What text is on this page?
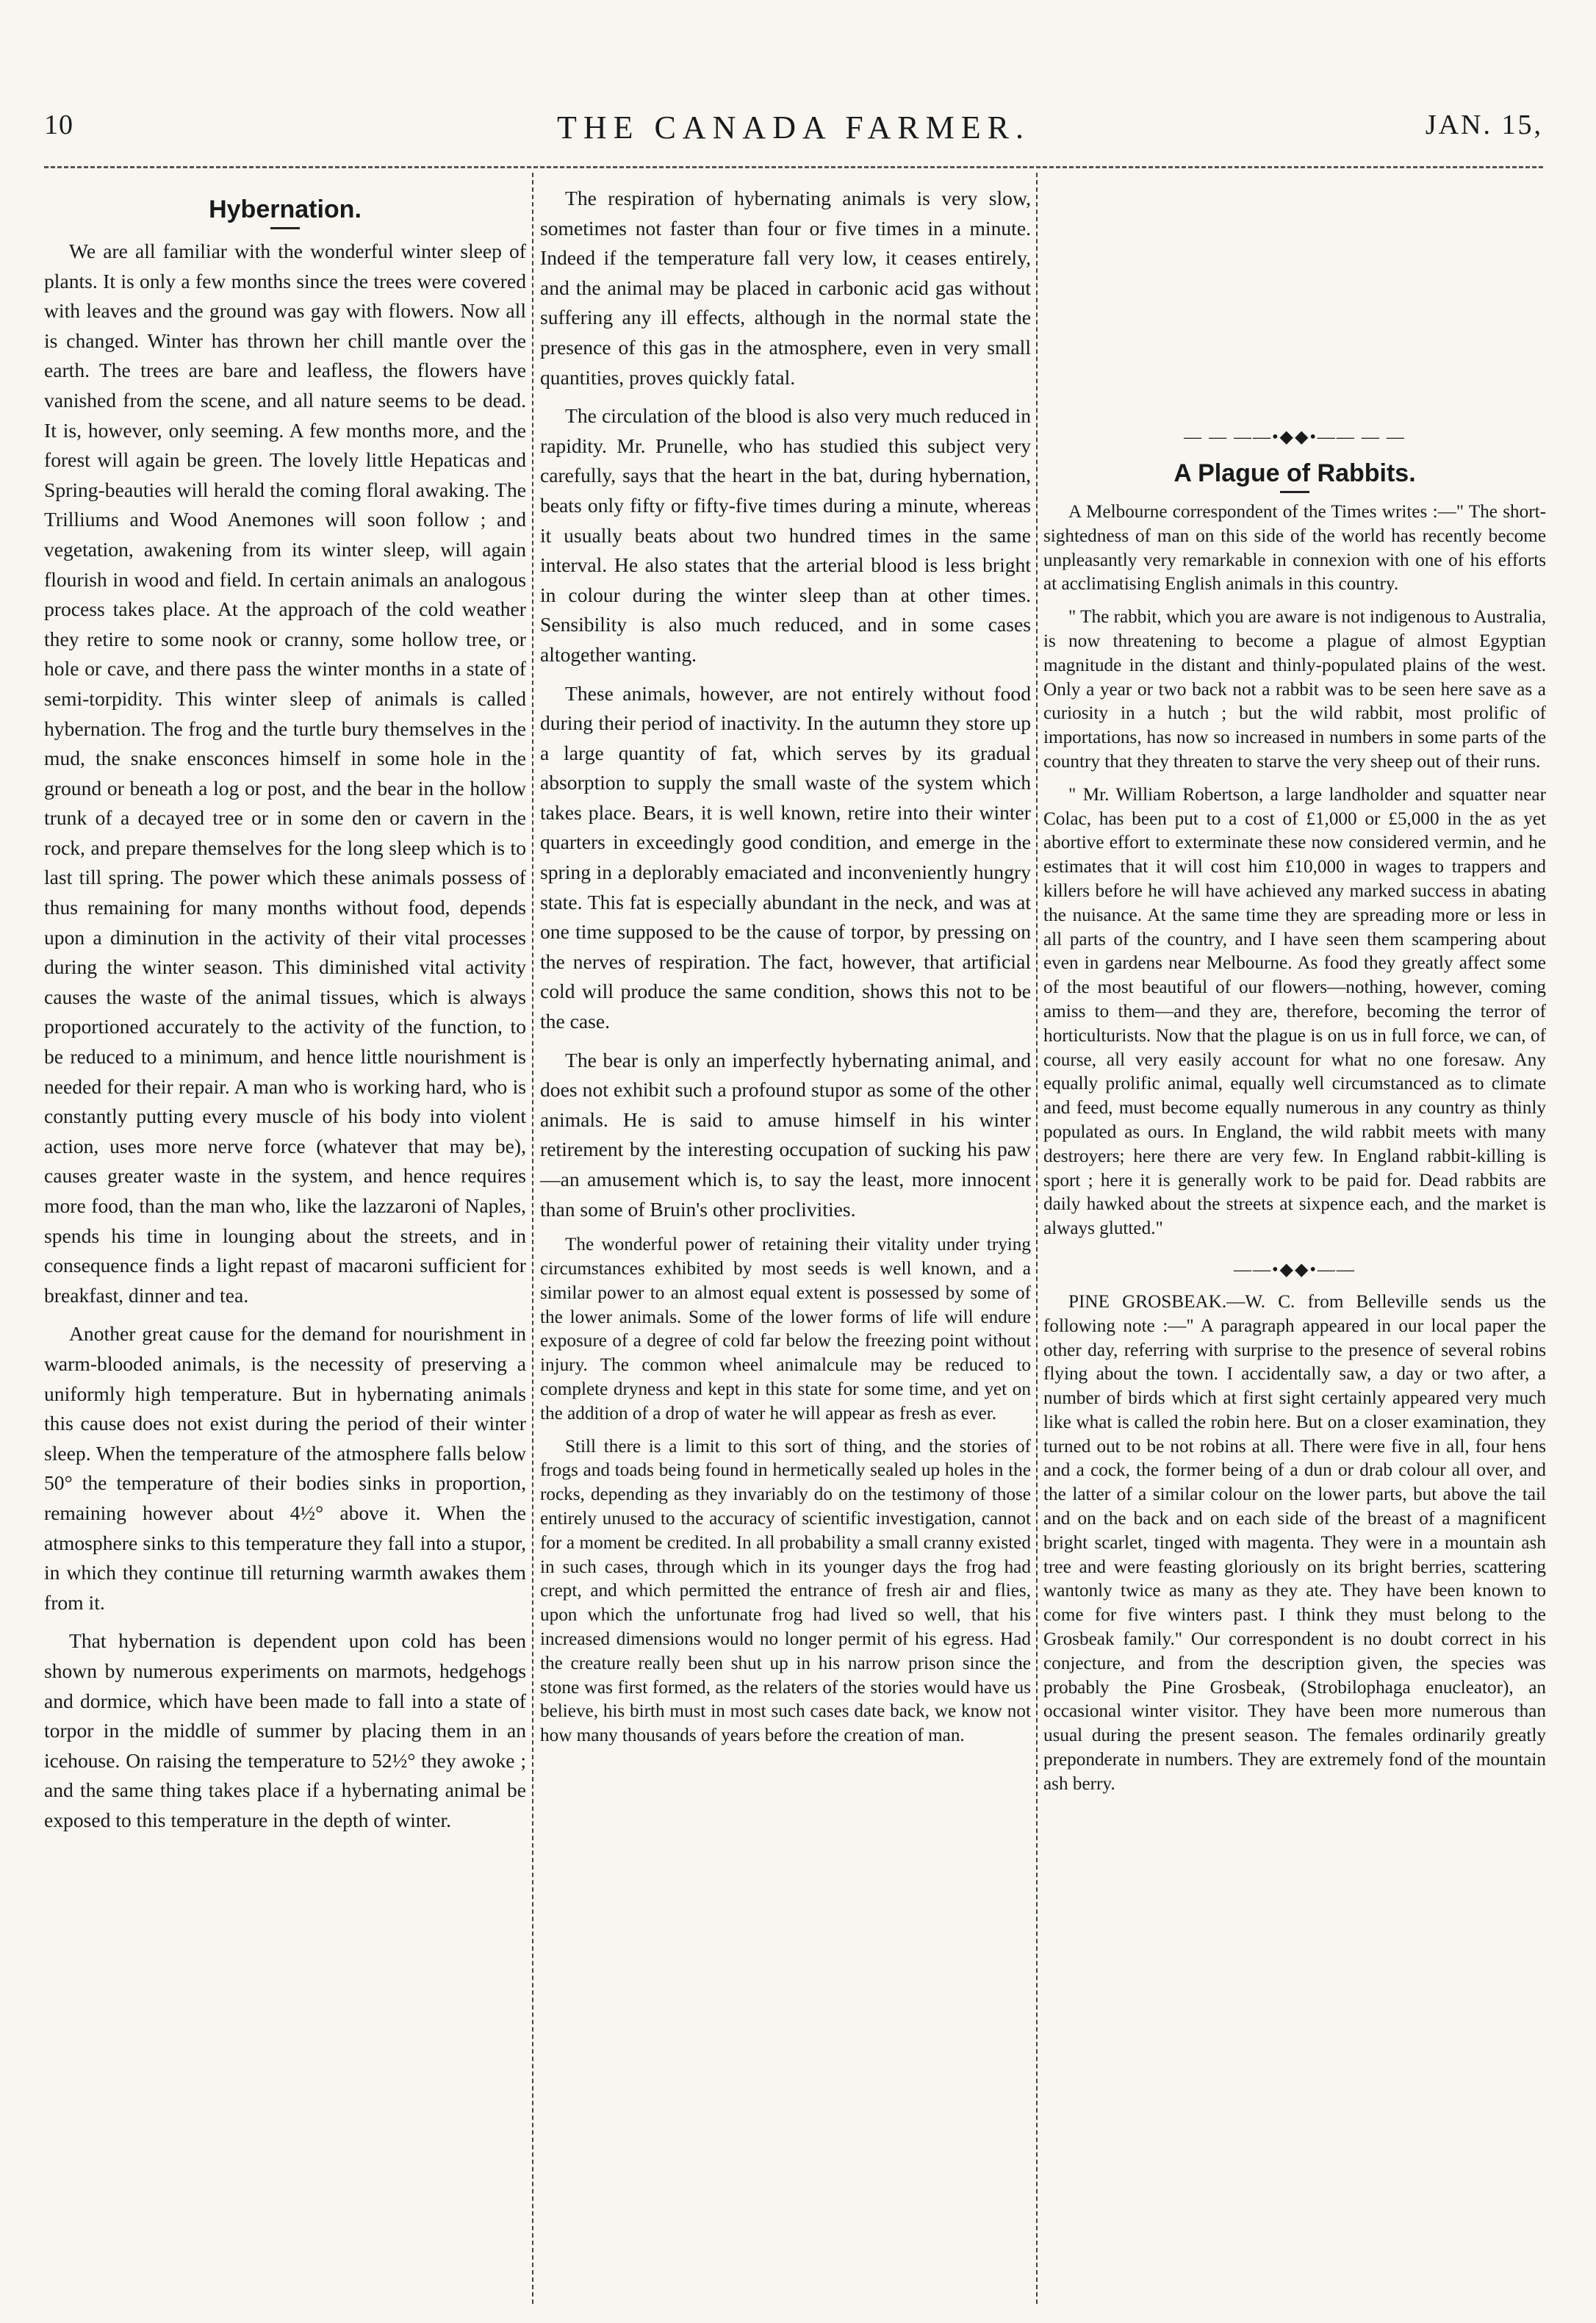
10	THE CANADA FARMER.	JAN. 15,
Hybernation.

We are all familiar with the wonderful winter sleep of plants. It is only a few months since the trees were covered with leaves and the ground was gay with flowers. Now all is changed. Winter has thrown her chill mantle over the earth. The trees are bare and leafless, the flowers have vanished from the scene, and all nature seems to be dead. It is, however, only seeming. A few months more, and the forest will again be green. The lovely little Hepaticas and Spring-beauties will herald the coming floral awaking. The Trilliums and Wood Anemones will soon follow ; and vegetation, awakening from its winter sleep, will again flourish in wood and field. In certain animals an analogous process takes place. At the approach of the cold weather they retire to some nook or cranny, some hollow tree, or hole or cave, and there pass the winter months in a state of semi-torpidity. This winter sleep of animals is called hybernation. The frog and the turtle bury themselves in the mud, the snake ensconces himself in some hole in the ground or beneath a log or post, and the bear in the hollow trunk of a decayed tree or in some den or cavern in the rock, and prepare themselves for the long sleep which is to last till spring. The power which these animals possess of thus remaining for many months without food, depends upon a diminution in the activity of their vital processes during the winter season. This diminished vital activity causes the waste of the animal tissues, which is always proportioned accurately to the activity of the function, to be reduced to a minimum, and hence little nourishment is needed for their repair. A man who is working hard, who is constantly putting every muscle of his body into violent action, uses more nerve force (whatever that may be), causes greater waste in the system, and hence requires more food, than the man who, like the lazzaroni of Naples, spends his time in lounging about the streets, and in consequence finds a light repast of macaroni sufficient for breakfast, dinner and tea.

Another great cause for the demand for nourishment in warm-blooded animals, is the necessity of preserving a uniformly high temperature. But in hybernating animals this cause does not exist during the period of their winter sleep. When the temperature of the atmosphere falls below 50° the temperature of their bodies sinks in proportion, remaining however about 4½° above it. When the atmosphere sinks to this temperature they fall into a stupor, in which they continue till returning warmth awakes them from it.

That hybernation is dependent upon cold has been shown by numerous experiments on marmots, hedgehogs and dormice, which have been made to fall into a state of torpor in the middle of summer by placing them in an icehouse. On raising the temperature to 52½° they awoke ; and the same thing takes place if a hybernating animal be exposed to this temperature in the depth of winter.

The respiration of hybernating animals is very slow, sometimes not faster than four or five times in a minute. Indeed if the temperature fall very low, it ceases entirely, and the animal may be placed in carbonic acid gas without suffering any ill effects, although in the normal state the presence of this gas in the atmosphere, even in very small quantities, proves quickly fatal.

The circulation of the blood is also very much reduced in rapidity. Mr. Prunelle, who has studied this subject very carefully, says that the heart in the bat, during hybernation, beats only fifty or fifty-five times during a minute, whereas it usually beats about two hundred times in the same interval. He also states that the arterial blood is less bright in colour during the winter sleep than at other times. Sensibility is also much reduced, and in some cases altogether wanting.

These animals, however, are not entirely without food during their period of inactivity. In the autumn they store up a large quantity of fat, which serves by its gradual absorption to supply the small waste of the system which takes place. Bears, it is well known, retire into their winter quarters in exceedingly good condition, and emerge in the spring in a deplorably emaciated and inconveniently hungry state. This fat is especially abundant in the neck, and was at one time supposed to be the cause of torpor, by pressing on the nerves of respiration. The fact, however, that artificial cold will produce the same condition, shows this not to be the case.

The bear is only an imperfectly hybernating animal, and does not exhibit such a profound stupor as some of the other animals. He is said to amuse himself in his winter retirement by the interesting occupation of sucking his paw—an amusement which is, to say the least, more innocent than some of Bruin's other proclivities.

The wonderful power of retaining their vitality under trying circumstances exhibited by most seeds is well known, and a similar power to an almost equal extent is possessed by some of the lower animals. Some of the lower forms of life will endure exposure of a degree of cold far below the freezing point without injury. The common wheel animalcule may be reduced to complete dryness and kept in this state for some time, and yet on the addition of a drop of water he will appear as fresh as ever.

Still there is a limit to this sort of thing, and the stories of frogs and toads being found in hermetically sealed up holes in the rocks, depending as they invariably do on the testimony of those entirely unused to the accuracy of scientific investigation, cannot for a moment be credited. In all probability a small cranny existed in such cases, through which in its younger days the frog had crept, and which permitted the entrance of fresh air and flies, upon which the unfortunate frog had lived so well, that his increased dimensions would no longer permit of his egress. Had the creature really been shut up in his narrow prison since the stone was first formed, as the relaters of the stories would have us believe, his birth must in most such cases date back, we know not how many thousands of years before the creation of man.

— — ——•◆◆•—— — —
A Plague of Rabbits.

A Melbourne correspondent of the Times writes :—" The short-sightedness of man on this side of the world has recently become unpleasantly very remarkable in connexion with one of his efforts at acclimatising English animals in this country.

" The rabbit, which you are aware is not indigenous to Australia, is now threatening to become a plague of almost Egyptian magnitude in the distant and thinly-populated plains of the west. Only a year or two back not a rabbit was to be seen here save as a curiosity in a hutch ; but the wild rabbit, most prolific of importations, has now so increased in numbers in some parts of the country that they threaten to starve the very sheep out of their runs.

" Mr. William Robertson, a large landholder and squatter near Colac, has been put to a cost of £1,000 or £5,000 in the as yet abortive effort to exterminate these now considered vermin, and he estimates that it will cost him £10,000 in wages to trappers and killers before he will have achieved any marked success in abating the nuisance. At the same time they are spreading more or less in all parts of the country, and I have seen them scampering about even in gardens near Melbourne. As food they greatly affect some of the most beautiful of our flowers—nothing, however, coming amiss to them—and they are, therefore, becoming the terror of horticulturists. Now that the plague is on us in full force, we can, of course, all very easily account for what no one foresaw. Any equally prolific animal, equally well circumstanced as to climate and feed, must become equally numerous in any country as thinly populated as ours. In England, the wild rabbit meets with many destroyers; here there are very few. In England rabbit-killing is sport ; here it is generally work to be paid for. Dead rabbits are daily hawked about the streets at sixpence each, and the market is always glutted."

——•◆◆•——

PINE GROSBEAK.—W. C. from Belleville sends us the following note :—" A paragraph appeared in our local paper the other day, referring with surprise to the presence of several robins flying about the town. I accidentally saw, a day or two after, a number of birds which at first sight certainly appeared very much like what is called the robin here. But on a closer examination, they turned out to be not robins at all. There were five in all, four hens and a cock, the former being of a dun or drab colour all over, and the latter of a similar colour on the lower parts, but above the tail and on the back and on each side of the breast of a magnificent bright scarlet, tinged with magenta. They were in a mountain ash tree and were feasting gloriously on its bright berries, scattering wantonly twice as many as they ate. They have been known to come for five winters past. I think they must belong to the Grosbeak family." Our correspondent is no doubt correct in his conjecture, and from the description given, the species was probably the Pine Grosbeak, (Strobilophaga enucleator), an occasional winter visitor. They have been more numerous than usual during the present season. The females ordinarily greatly preponderate in numbers. They are extremely fond of the mountain ash berry.
